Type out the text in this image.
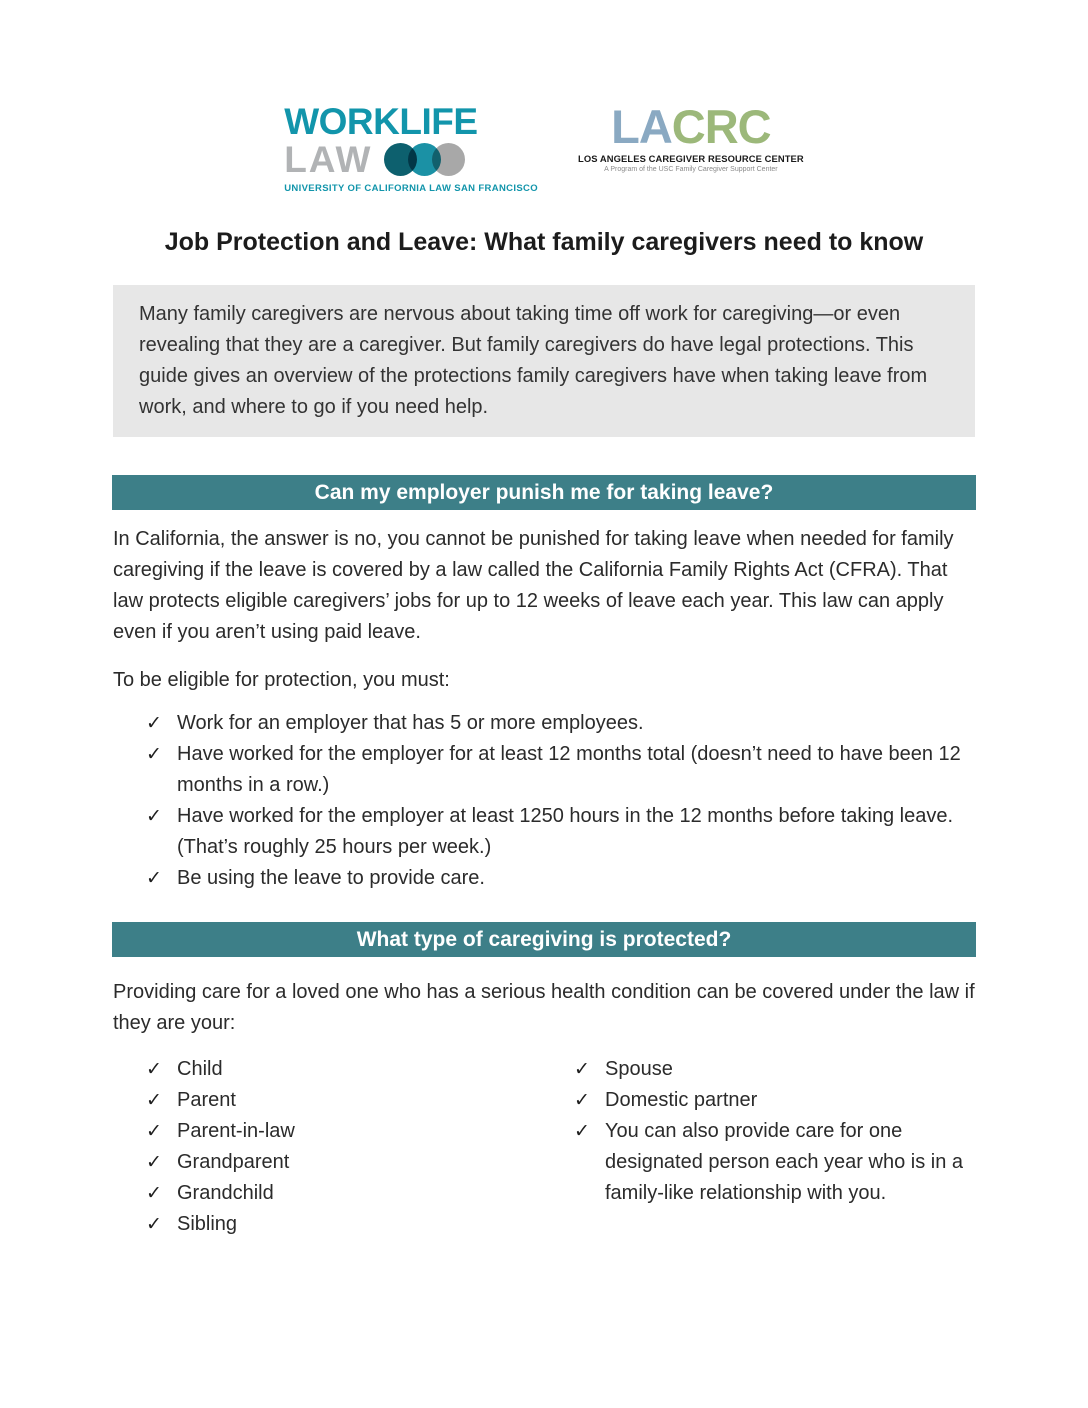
WORKLIFE
LAW
UNIVERSITY OF CALIFORNIA LAW SAN FRANCISCO
LACRC
LOS ANGELES CAREGIVER RESOURCE CENTER
A Program of the USC Family Caregiver Support Center
Job Protection and Leave: What family caregivers need to know
Many family caregivers are nervous about taking time off work for caregiving—or even revealing that they are a caregiver. But family caregivers do have legal protections. This guide gives an overview of the protections family caregivers have when taking leave from work, and where to go if you need help.
Can my employer punish me for taking leave?

In California, the answer is no, you cannot be punished for taking leave when needed for family caregiving if the leave is covered by a law called the California Family Rights Act (CFRA). That law protects eligible caregivers’ jobs for up to 12 weeks of leave each year. This law can apply even if you aren’t using paid leave.

To be eligible for protection, you must:

✓ Work for an employer that has 5 or more employees.
✓ Have worked for the employer for at least 12 months total (doesn’t need to have been 12 months in a row.)
✓ Have worked for the employer at least 1250 hours in the 12 months before taking leave. (That’s roughly 25 hours per week.)
✓ Be using the leave to provide care.
What type of caregiving is protected?

Providing care for a loved one who has a serious health condition can be covered under the law if they are your:

✓ Child
✓ Parent
✓ Parent-in-law
✓ Grandparent
✓ Grandchild
✓ Sibling
✓ Spouse
✓ Domestic partner
✓ You can also provide care for one designated person each year who is in a family-like relationship with you.
